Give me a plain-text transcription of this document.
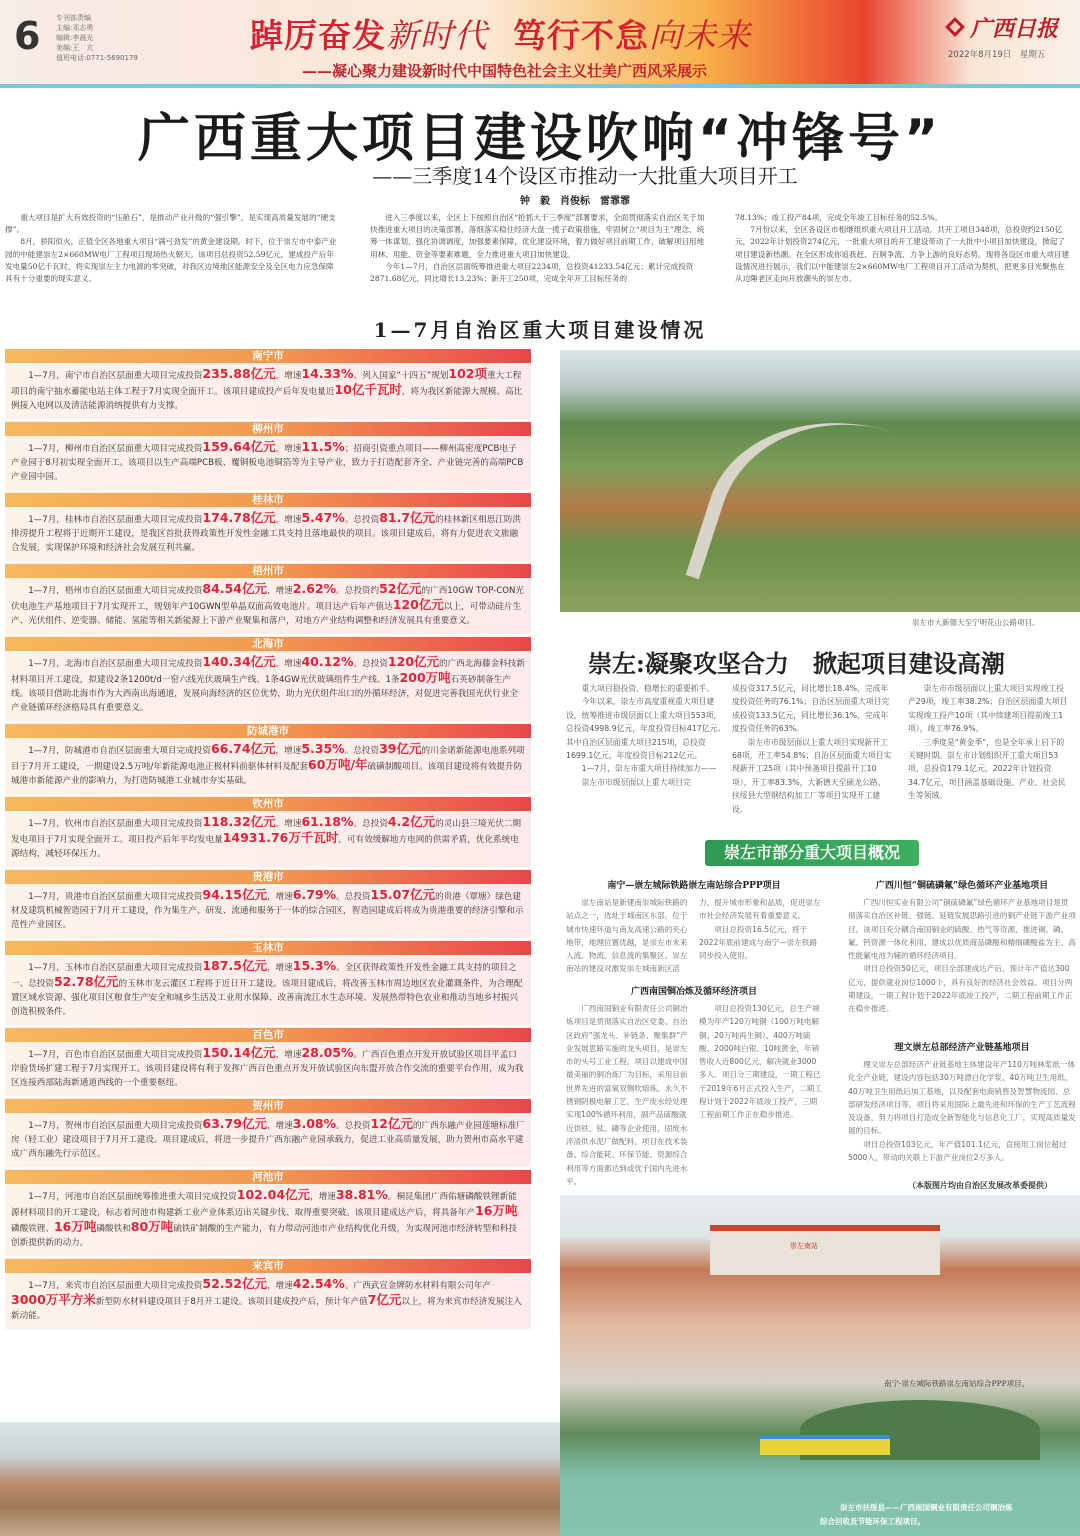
6 专刊部责编
主编:邓志勇
编辑:李晨光
美编:王　亢
值班电话:0771-5690179
踔厉奋发新时代 笃行不怠向未来
——凝心聚力建设新时代中国特色社会主义壮美广西风采展示
广西日报
2022年8月19日　星期五
广西重大项目建设吹响“冲锋号”
——三季度14个设区市推动一大批重大项目开工
钟　毅　肖俊标　雷霏霏

重大项目是扩大有效投资的“压舱石”，是推动产业升级的“强引擎”，是实现高质量发展的“硬支撑”。

8月，骄阳似火，正值全区各地重大项目“满弓劲发”的黄金建设期。时下，位于崇左市中泰产业园的中能建崇左2×660MW电厂工程项目现场热火朝天。该项目总投资52.59亿元，建成投产后年发电量50亿千瓦时，将实现崇左主力电源的零突破，对我区边境地区能源安全及全区电力应急保障具有十分重要的现实意义。

进入三季度以来，全区上下按照自治区“抢抓大干三季度”部署要求，全面贯彻落实自治区关于加快推进重大项目的决策部署，落细落实稳住经济大盘一揽子政策措施，牢固树立“项目为王”理念，统筹一体谋划，强化协调调度，加强要素保障，优化建设环境，着力做好项目前期工作，破解项目用地用林、用能、资金等要素难题，全力推进重大项目加快建设。

今年1—7月，自治区层面统筹推进重大项目2234项，总投资41233.54亿元；累计完成投资2871.68亿元，同比增长13.23%；新开工250项，完成全年开工目标任务的

78.13%；竣工投产84项，完成全年竣工目标任务的52.5%。

7月份以来，全区各设区市相继组织重大项目开工活动，共开工项目348项，总投资约2150亿元，2022年计划投资274亿元，一批重大项目的开工建设带动了一大批中小项目加快建设，掀起了项目建设新热潮。在全区形成你追我赶、百舸争流、力争上游的良好态势。现将各设区市重大项目建设情况进行展示，我们以中能建崇左2×660MW电厂工程项目开工活动为契机，把更多目光聚焦在从边陲老区走向开放潮头的崇左市。

1—7月自治区重大项目建设情况
南宁市
1—7月，南宁市自治区层面重大项目完成投资235.88亿元，增速14.33%。列入国家“十四五”规划102项重大工程项目的南宁抽水蓄能电站主体工程于7月实现全面开工。该项目建成投产后年发电量近10亿千瓦时，将为我区新能源大规模、高比例接入电网以及清洁能源消纳提供有力支撑。
柳州市
1—7月，柳州市自治区层面重大项目完成投资159.64亿元，增速11.5%；招商引资重点项目——柳州高密度PCB电子产业园于8月初实现全面开工。该项目以生产高端PCB板、覆铜板电池铜箔等为主导产业，致力于打造配套齐全、产业链完善的高端PCB产业园中园。
桂林市
1—7月，桂林市自治区层面重大项目完成投资174.78亿元，增速5.47%。总投资81.7亿元的桂林新区相思江防洪排涝提升工程将于近期开工建设，是我区首批获得政策性开发性金融工具支持且落地最快的项目。该项目建成后，将有力促进农文旅融合发展，实现保护环境和经济社会发展互利共赢。
梧州市
1—7月，梧州市自治区层面重大项目完成投资84.54亿元，增速2.62%。总投资约52亿元的广西10GW TOP-CON光伏电池生产基地项目于7月实现开工，规划年产10GWN型单晶双面高效电池片。项目达产后年产值达120亿元以上，可带动硅片生产、光伏组件、逆变器、储能、氢能等相关新能源上下游产业聚集和落户，对地方产业结构调整和经济发展具有重要意义。
北海市
1—7月，北海市自治区层面重大项目完成投资140.34亿元，增速40.12%。总投资120亿元的广西北海藤金科技新材料项目开工建设，拟建设2条1200t/d一窑六线光伏玻璃生产线、1条4GW光伏玻璃组件生产线、1条200万吨石英砂制备生产线。该项目借助北海市作为大西南出海通道，发展向海经济的区位优势，助力光伏组件出口的外循环经济，对促进完善我国光伏行业全产业链循环经济格局具有重要意义。
防城港市
1—7月，防城港市自治区层面重大项目完成投资66.74亿元，增速5.35%。总投资39亿元的川金诺新能源电池系列项目于7月开工建设，一期建设2.5万吨/年新能源电池正极材料前驱体材料及配套60万吨/年硫磺制酸项目。该项目建设将有效提升防城港市新能源产业的影响力，为打造防城港工业城市夯实基础。
钦州市
1—7月，钦州市自治区层面重大项目完成投资118.32亿元，增速61.18%。总投资4.2亿元的灵山县三境光伏二期发电项目于7月实现全面开工。项目投产后年平均发电量14931.76万千瓦时，可有效缓解地方电网的供需矛盾，优化系统电源结构，减轻环保压力。
贵港市
1—7月，贵港市自治区层面重大项目完成投资94.15亿元，增速6.79%。总投资15.07亿元的贵港（覃塘）绿色建材及建筑机械智造园于7月开工建设，作为集生产、研发、流通和服务于一体的综合园区，智造园建成后将成为贵港重要的经济引擎和示范性产业园区。
玉林市
1—7月，玉林市自治区层面重大项目完成投资187.5亿元，增速15.3%。全区获得政策性开发性金融工具支持的项目之一、总投资52.78亿元的玉林市龙云灌区工程将于近日开工建设。该项目建成后，将改善玉林市周边地区农业灌溉条件，为合理配置区域水资源、强化项目区粮食生产安全和城乡生活及工业用水保障、改善南流江水生态环境、发展热带特色农业和推动当地乡村振兴创造积极条件。
百色市
1—7月，百色市自治区层面重大项目完成投资150.14亿元，增速28.05%。广西百色重点开发开放试验区项目平孟口岸验货场扩建工程于7月实现开工。该项目建设将有利于发挥广西百色重点开发开放试验区向东盟开放合作交流的重要平台作用，成为我区连接西部陆海新通道西线的一个重要枢纽。
贺州市
1—7月，贺州市自治区层面重大项目完成投资63.79亿元，增速3.08%。总投资12亿元的广西东融产业园莲塘标准厂房（轻工业）建设项目于7月开工建设。项目建成后，将进一步提升广西东融产业园承载力，促进工业高质量发展，助力贺州市高水平建成广西东融先行示范区。
河池市
1—7月，河池市自治区层面统筹推进重大项目完成投资102.04亿元，增速38.81%。桐昆集团广西佑塘磷酸铁锂新能源材料项目的开工建设，标志着河池市构建新工业产业体系迈出关键步伐、取得重要突破。该项目建成达产后，将具备年产16万吨磷酸铁锂、16万吨磷酸铁和80万吨硫铁矿制酸的生产能力，有力带动河池市产业结构优化升级，为实现河池市经济转型和科技创新提供新的动力。
来宾市
1—7月，来宾市自治区层面重大项目完成投资52.52亿元，增速42.54%。广西武宣金牌防水材料有限公司年产3000万平方米新型防水材料建设项目于8月开工建设。该项目建成投产后，预计年产值7亿元以上，将为来宾市经济发展注入新动能。
崇左市大新德天至宁明花山公路项目。
崇左:凝聚攻坚合力　掀起项目建设高潮

重大项目稳投资、稳增长的重要抓手。

今年以来，崇左市高度重视重大项目建设，统筹推进市级层面以上重大项目553项，总投资4998.9亿元，年度投资目标417亿元。其中自治区层面重大项目215项，总投资1699.1亿元，年度投资目标212亿元。

1—7月，崇左市重大项目持续加力——

崇左市市级层面以上重大项目完

成投资317.5亿元，同比增长18.4%，完成年度投资任务的76.1%；自治区层面重大项目完成投资133.5亿元，同比增长36.1%，完成年度投资任务的63%。

崇左市市级层面以上重大项目实现新开工68项，开工率54.8%；自治区层面重大项目实现新开工25项（其中预备项目提前开工10项），开工率83.3%，大新德天至硕龙公路、扶绥县大型钢结构加工厂等项目实现开工建设。

崇左市市级层面以上重大项目实现竣工投产29项，竣工率38.2%；自治区层面重大项目实现竣工投产10项（其中续建项目提前竣工1项），竣工率76.9%。

三季度是“黄金季”，也是全年承上启下的关键时期。崇左市计划组织开工重大项目53项，总投资179.1亿元，2022年计划投资34.7亿元，项目涵盖基础设施、产业、社会民生等领域。

崇左市部分重大项目概况
南宁—崇左城际铁路崇左南站综合PPP项目

崇左南站是新建南崇城际铁路的站点之一，选址于城南区东部，位于城市快速环道与南友高速公路的夹心地带，地理位置优越，是崇左市未来人流、物流、信息流的集聚区。崇左南站的建设对激发崇左城南新区活力，提升城市形象和品质，促进崇左市社会经济发展有着重要意义。

项目总投资16.5亿元，将于2022年底前建成与南宁—崇左铁路同步投入使用。

广西南国铜冶炼及循环经济项目

广西南国铜业有限责任公司铜冶炼项目是贯彻落实自治区党委、自治区政府“强龙头、补链条、聚集群”产业发展思路实施的龙头项目，是崇左市的头号工业工程。项目以建成中国最美丽的铜冶炼厂为目标，采用目前世界先进的富氧双侧吹熔炼、永久不锈钢阴极电解工艺，生产废水经处理实现100%循环利用，副产品硫酸就近供铁、钛、磷等企业使用，固废水淬渣供水泥厂做配料。项目在技术装备、综合能耗、环保节能、资源综合利用等方面都达到或优于国内先进水平。

项目总投资130亿元，总生产规模为年产120万吨铜（100万吨电解铜、20万吨再生铜）、400万吨硫酸、2000吨白银、10吨黄金，年销售收入近800亿元，解决就业3000多人。项目分三期建设，一期工程已于2019年6月正式投入生产，二期工程计划于2022年底竣工投产，三期工程前期工作正在稳步推进。

广西川恒“铜硫磷氟”绿色循环产业基地项目

广西川恒实业有限公司“铜硫磷氟”绿色循环产业基地项目是贯彻落实自治区补链、强链、延链发展思路引进的铜产业链下游产业项目。该项目充分耦合南国铜业的硫酸、热气等资源，推进铜、磷、氟、钙资源一体化利用，建成以优质商品磷酸和精细磷酸盐为主、高性能氟电池为辅的循环经济项目。

项目总投资50亿元，项目全部建成达产后，预计年产值达300亿元，提供就业岗位1000个，具有良好的经济社会效益。项目分两期建设，一期工程计划于2022年底竣工投产，二期工程前期工作正在稳步推进。

理文崇左总部经济产业链基地项目

理文崇左总部经济产业链基地主体建设年产110万吨林浆纸一体化全产业链，建设内容包括30万吨漂白化学浆、40万吨卫生用纸、40万吨卫生用纸后加工基地，以及配套电商销售及智慧物流园、总部研发经济项目等。项目将采用国际上最先进和环保的生产工艺流程及设备，努力将项目打造成全新智能化与信息化工厂，实现高质量发展的目标。

项目总投资103亿元，年产值101.1亿元，直接用工岗位超过5000人，带动的关联上下游产业岗位2万多人。

（本版图片均由自治区发展改革委提供）
崇左南站
南宁-崇左城际铁路崇左南站综合PPP项目。
崇左市扶绥县——广西南国铜业有限责任公司铜冶炼
综合回收及节能环保工程项目。
